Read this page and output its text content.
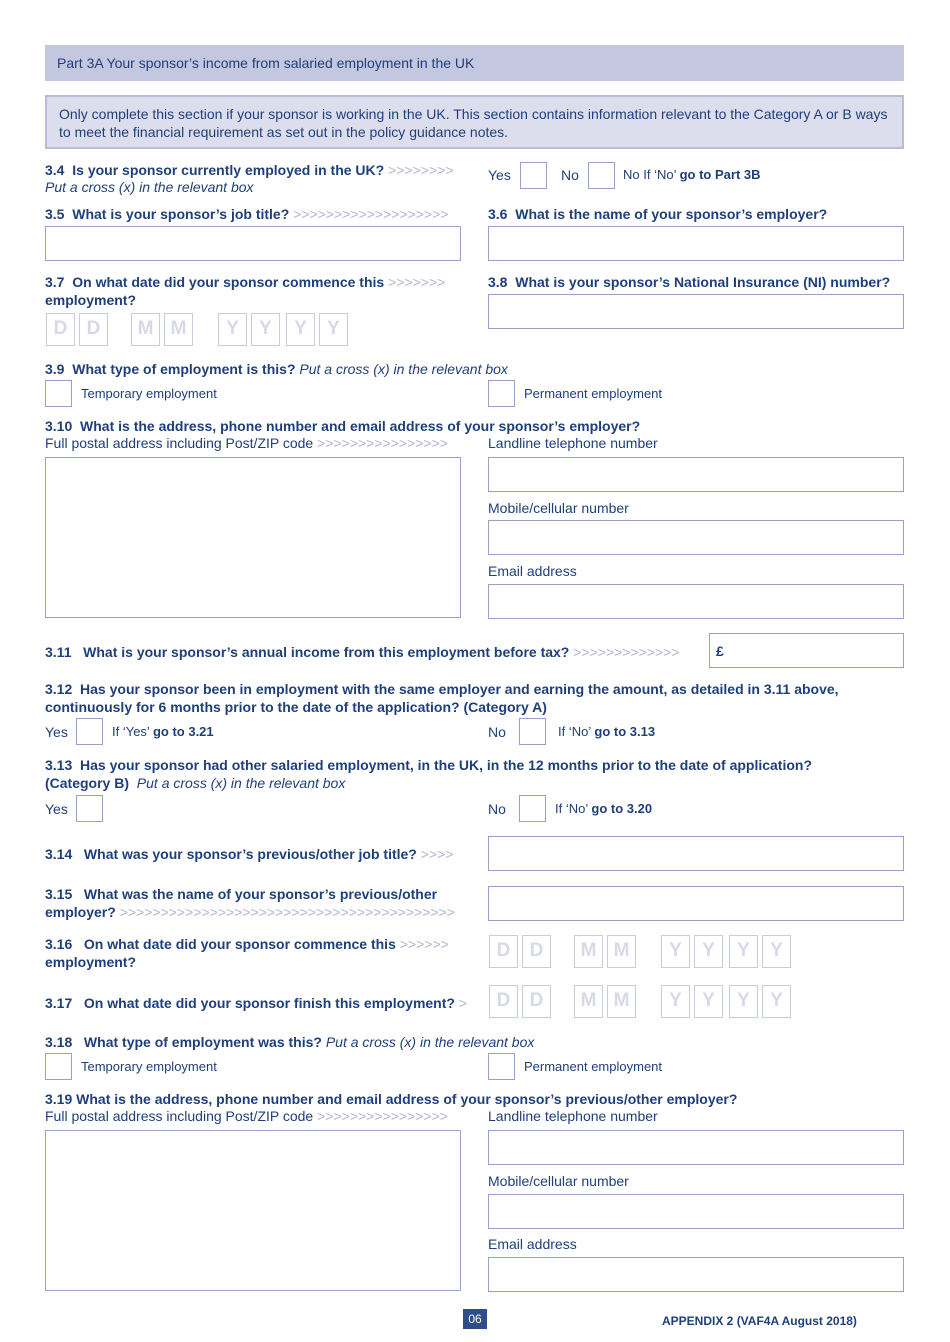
Part 3A Your sponsor’s income from salaried employment in the UK
Only complete this section if your sponsor is working in the UK. This section contains information relevant to the Category A or B ways to meet the financial requirement as set out in the policy guidance notes.
3.4 Is your sponsor currently employed in the UK? >>>>>>>>
Put a cross (x) in the relevant box
Yes	No	No If ‘No’ go to Part 3B
3.5 What is your sponsor’s job title? >>>>>>>>>>>>>>>>>>>	3.6 What is the name of your sponsor’s employer?
3.7 On what date did your sponsor commence this >>>>>>>
employment?
D	D	M M	Y	Y	Y	Y
3.8 What is your sponsor’s National Insurance (NI) number?
3.9 What type of employment is this? Put a cross (x) in the relevant box
Temporary employment	Permanent employment
3.10 What is the address, phone number and email address of your sponsor’s employer?
Full postal address including Post/ZIP code >>>>>>>>>>>>>>>>	Landline telephone number
Mobile/cellular number
Email address
3.11 What is your sponsor’s annual income from this employment before tax? >>>>>>>>>>>>>	£
3.12 Has your sponsor been in employment with the same employer and earning the amount, as detailed in 3.11 above,
continuously for 6 months prior to the date of the application? (Category A)
Yes	If ‘Yes’ go to 3.21	No	If ‘No’ go to 3.13
3.13 Has your sponsor had other salaried employment, in the UK, in the 12 months prior to the date of application?
(Category B) Put a cross (x) in the relevant box
Yes	No	If ‘No’ go to 3.20
3.14 What was your sponsor’s previous/other job title? >>>>
3.15 What was the name of your sponsor’s previous/other
employer? >>>>>>>>>>>>>>>>>>>>>>>>>>>>>>>>>>>>>>>>>
3.16 On what date did your sponsor commence this >>>>>>
employment?
D	D	M M	Y	Y	Y	Y
3.17 On what date did your sponsor finish this employment? >	D	D	M M	Y	Y	Y	Y
3.18 What type of employment was this? Put a cross (x) in the relevant box
Temporary employment	Permanent employment
3.19 What is the address, phone number and email address of your sponsor’s previous/other employer?
Full postal address including Post/ZIP code >>>>>>>>>>>>>>>>	Landline telephone number
Mobile/cellular number
Email address
06	APPENDIX 2 (VAF4A August 2018)
